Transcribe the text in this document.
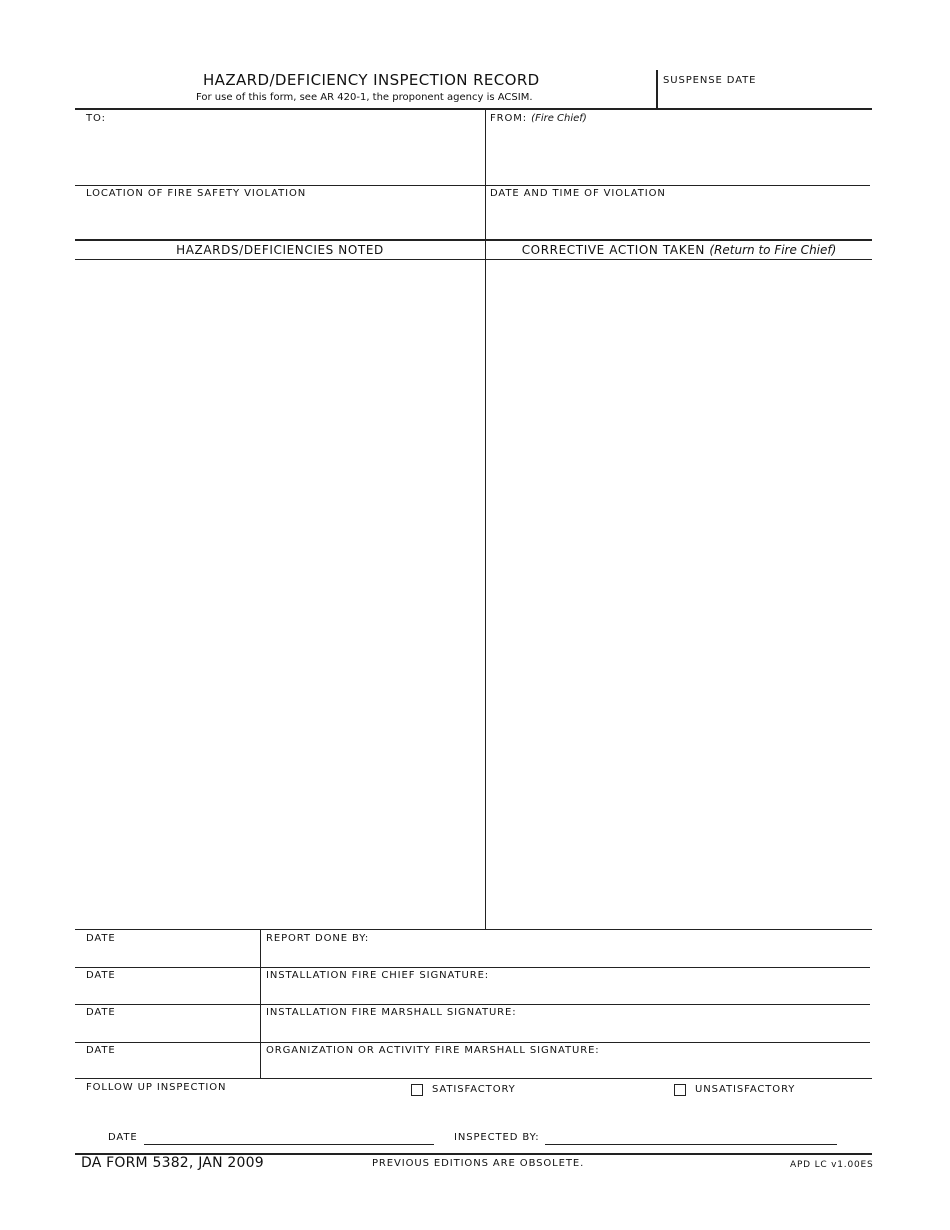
HAZARD/DEFICIENCY INSPECTION RECORD
For use of this form, see AR 420-1, the proponent agency is ACSIM.
SUSPENSE DATE
TO:	FROM: (Fire Chief)
LOCATION OF FIRE SAFETY VIOLATION	DATE AND TIME OF VIOLATION
HAZARDS/DEFICIENCIES NOTED	CORRECTIVE ACTION TAKEN (Return to Fire Chief)
DATE	REPORT DONE BY:
DATE	INSTALLATION FIRE CHIEF SIGNATURE:
DATE	INSTALLATION FIRE MARSHALL SIGNATURE:
DATE	ORGANIZATION OR ACTIVITY FIRE MARSHALL SIGNATURE:
FOLLOW UP INSPECTION	SATISFACTORY	UNSATISFACTORY
DATE	INSPECTED BY:
DA FORM 5382, JAN 2009	PREVIOUS EDITIONS ARE OBSOLETE.	APD LC v1.00ES
